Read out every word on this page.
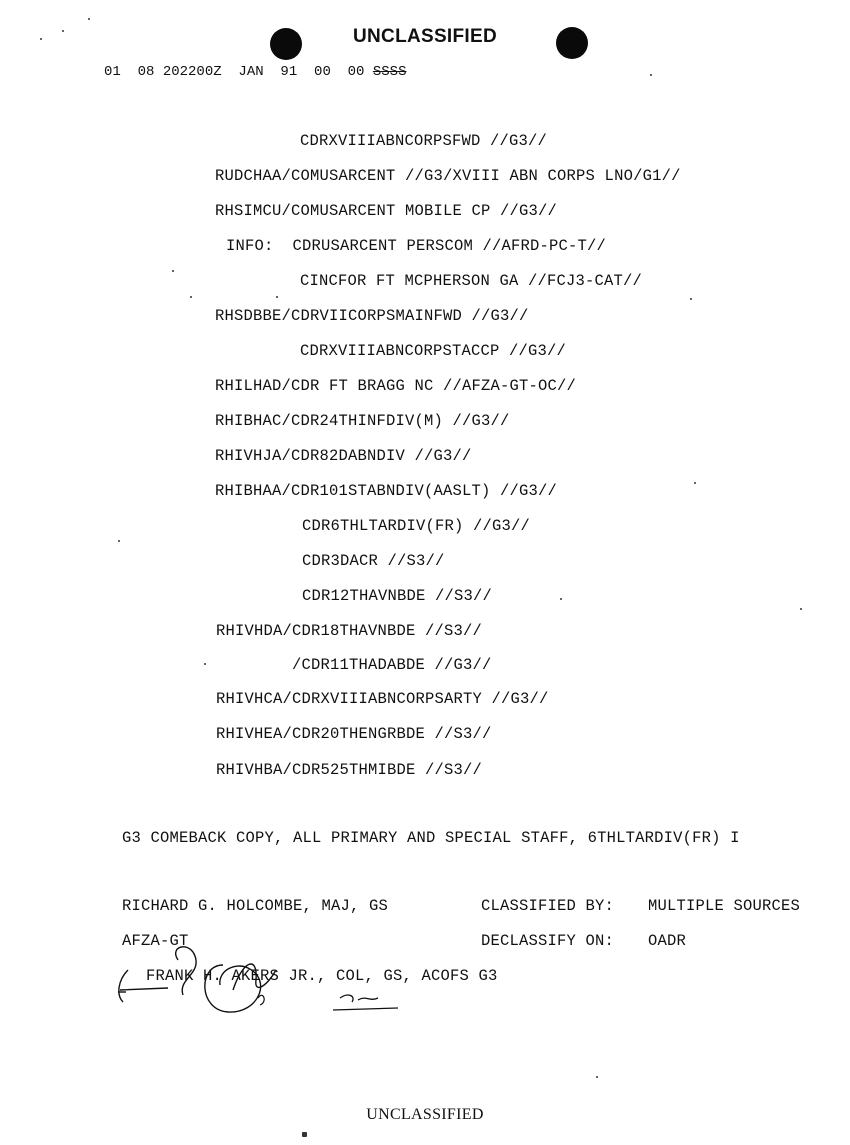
UNCLASSIFIED
01  08 202200Z  JAN  91  00  00 SSSS
CDRXVIIIABNCORPSFWD //G3//
RUDCHAA/COMUSARCENT //G3/XVIII ABN CORPS LNO/G1//
RHSIMCU/COMUSARCENT MOBILE CP //G3//
INFO:  CDRUSARCENT PERSCOM //AFRD-PC-T//
CINCFOR FT MCPHERSON GA //FCJ3-CAT//
RHSDBBE/CDRVIICORPSMAINFWD //G3//
CDRXVIIIABNCORPSTACCP //G3//
RHILHAD/CDR FT BRAGG NC //AFZA-GT-OC//
RHIBHAC/CDR24THINFDIV(M) //G3//
RHIVHJA/CDR82DABNDIV //G3//
RHIBHAA/CDR101STABNDIV(AASLT) //G3//
CDR6THLTARDIV(FR) //G3//
CDR3DACR //S3//
CDR12THAVNBDE //S3//
RHIVHDA/CDR18THAVNBDE //S3//
/CDR11THADABDE //G3//
RHIVHCA/CDRXVIIIABNCORPSARTY //G3//
RHIVHEA/CDR20THENGRBDE //S3//
RHIVHBA/CDR525THMIBDE //S3//
G3 COMEBACK COPY, ALL PRIMARY AND SPECIAL STAFF, 6THLTARDIV(FR) I
RICHARD G. HOLCOMBE, MAJ, GS	CLASSIFIED BY: MULTIPLE SOURCES
AFZA-GT	DECLASSIFY ON: OADR
FRANK H. AKERS JR., COL, GS, ACOFS G3
UNCLASSIFIED
